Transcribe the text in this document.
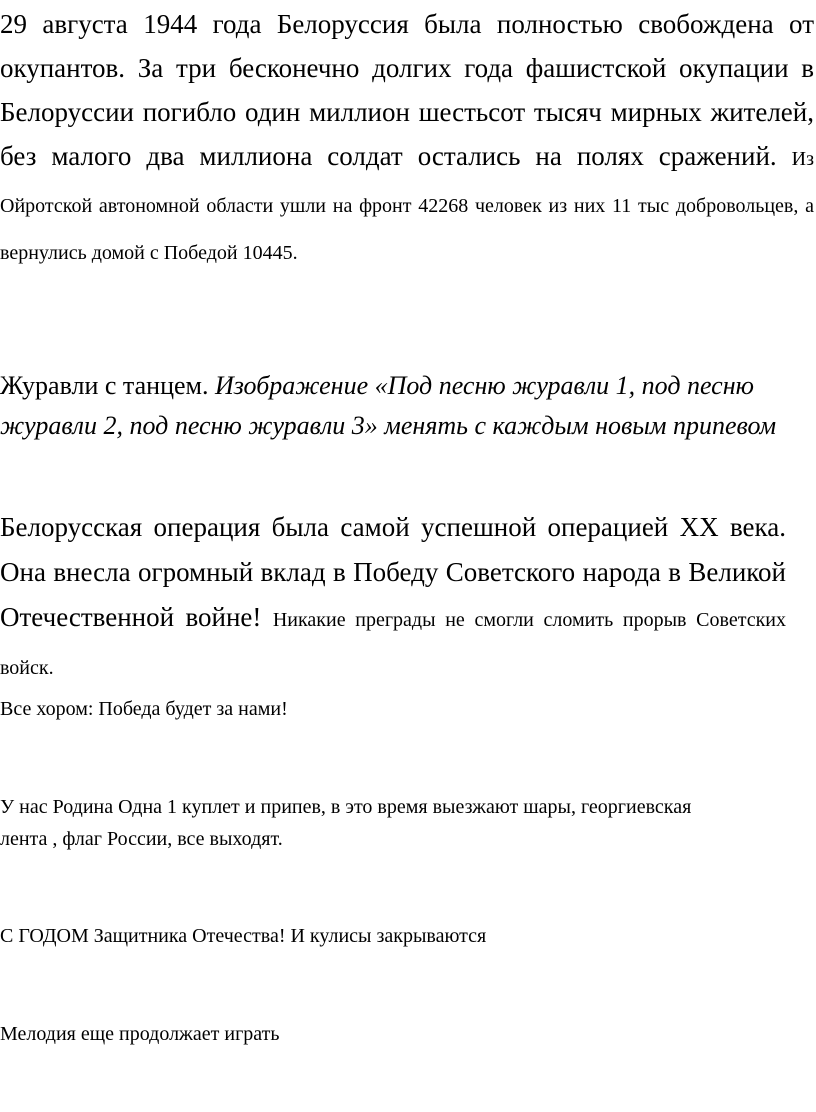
29 августа 1944 года Белоруссия была полностью свобождена от окупантов. За три бесконечно долгих года фашистской окупации в Белоруссии погибло один миллион шестьсот тысяч мирных жителей, без малого два миллиона солдат остались на полях сражений. Из Ойротской автономной области ушли на фронт 42268 человек из них 11 тыс добровольцев, а вернулись домой с Победой 10445.

Журавли с танцем. Изображение «Под песню журавли 1, под песню журавли 2, под песню журавли 3» менять с каждым новым припевом

Белорусская операция была самой успешной операцией XX века. Она внесла огромный вклад в Победу Советского народа в Великой Отечественной войне! Никакие преграды не смогли сломить прорыв Советских войск.

Все хором: Победа будет за нами!

У нас Родина Одна 1 куплет и припев, в это время выезжают шары, георгиевская лента , флаг России, все выходят.

С ГОДОМ Защитника Отечества! И кулисы закрываются

Мелодия еще продолжает играть
